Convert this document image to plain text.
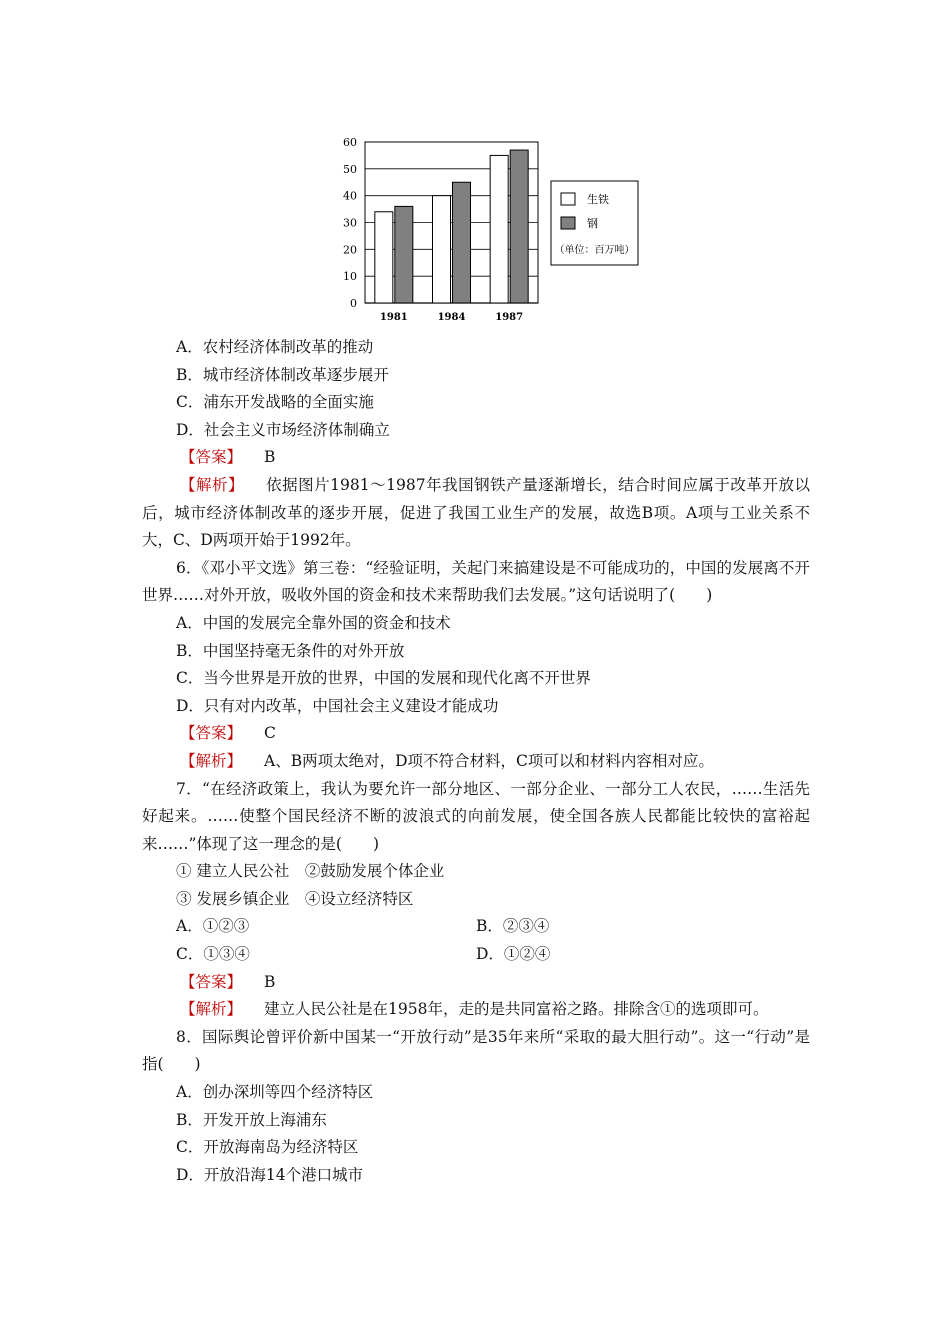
0
10
20
30
40
50
60
1981	1984	1987
生铁
钢
（单位：百万吨）
A．农村经济体制改革的推动
B．城市经济体制改革逐步展开
C．浦东开发战略的全面实施
D．社会主义市场经济体制确立
【答案】 B
【解析】 依据图片1981～1987年我国钢铁产量逐渐增长，结合时间应属于改革开放以后，城市经济体制改革的逐步开展，促进了我国工业生产的发展，故选B项。A项与工业关系不大，C、D两项开始于1992年。
6．《邓小平文选》第三卷：“经验证明，关起门来搞建设是不可能成功的，中国的发展离不开世界……对外开放，吸收外国的资金和技术来帮助我们去发展。”这句话说明了(　　)
A．中国的发展完全靠外国的资金和技术
B．中国坚持毫无条件的对外开放
C．当今世界是开放的世界，中国的发展和现代化离不开世界
D．只有对内改革，中国社会主义建设才能成功
【答案】 C
【解析】 A、B两项太绝对，D项不符合材料，C项可以和材料内容相对应。
7．“在经济政策上，我认为要允许一部分地区、一部分企业、一部分工人农民，……生活先好起来。……使整个国民经济不断的波浪式的向前发展，使全国各族人民都能比较快的富裕起来……”体现了这一理念的是(　　)
① 建立人民公社　②鼓励发展个体企业
③ 发展乡镇企业　④设立经济特区
A．①②③	B．②③④
C．①③④	D．①②④
【答案】 B
【解析】 建立人民公社是在1958年，走的是共同富裕之路。排除含①的选项即可。
8．国际舆论曾评价新中国某一“开放行动”是35年来所“采取的最大胆行动”。这一“行动”是指(　　)
A．创办深圳等四个经济特区
B．开发开放上海浦东
C．开放海南岛为经济特区
D．开放沿海14个港口城市
